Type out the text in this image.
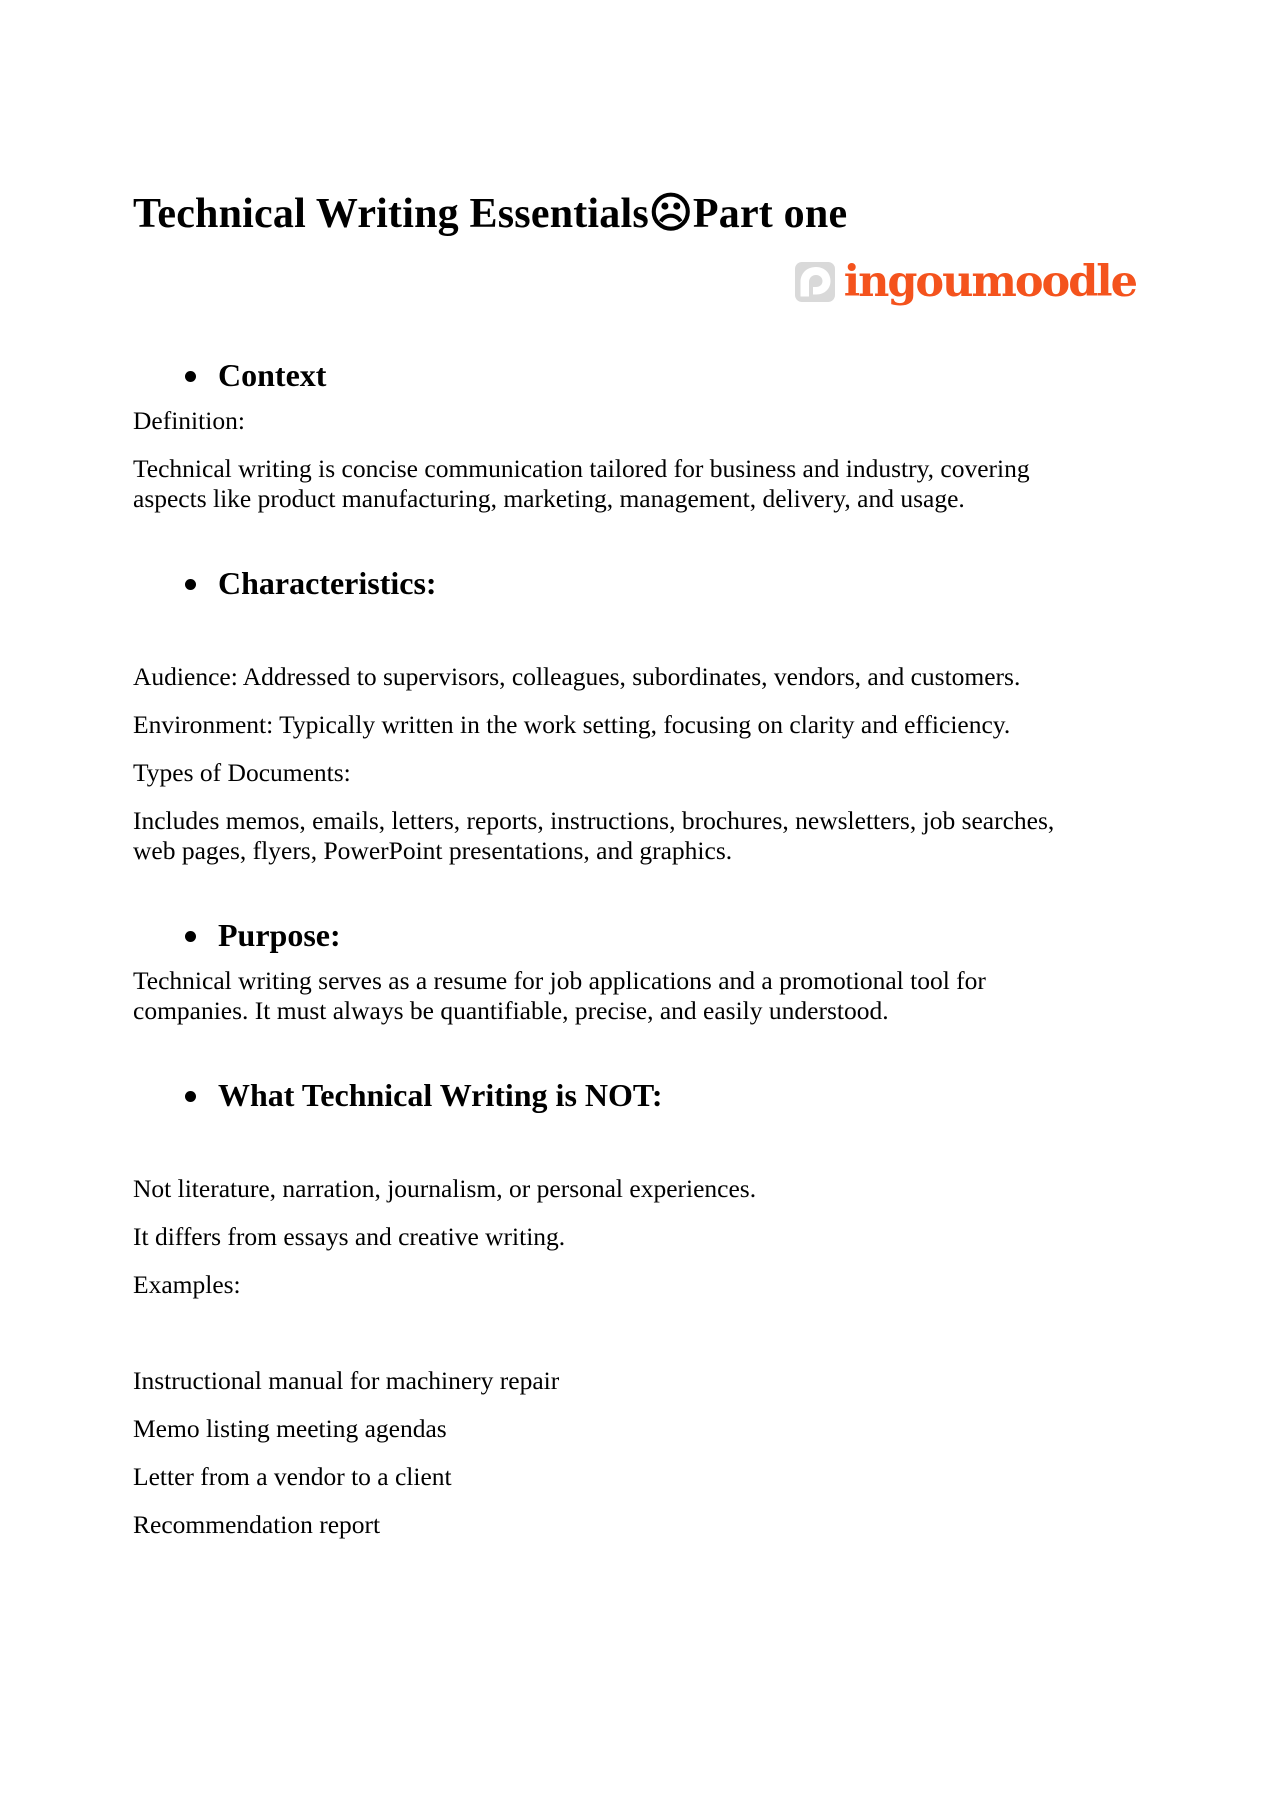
Technical Writing Essentials☹Part one
ingoumoodle
Context

Definition:

Technical writing is concise communication tailored for business and industry, covering aspects like product manufacturing, marketing, management, delivery, and usage.

Characteristics:

Audience: Addressed to supervisors, colleagues, subordinates, vendors, and customers.

Environment: Typically written in the work setting, focusing on clarity and efficiency.

Types of Documents:

Includes memos, emails, letters, reports, instructions, brochures, newsletters, job searches, web pages, flyers, PowerPoint presentations, and graphics.

Purpose:

Technical writing serves as a resume for job applications and a promotional tool for companies. It must always be quantifiable, precise, and easily understood.

What Technical Writing is NOT:

Not literature, narration, journalism, or personal experiences.

It differs from essays and creative writing.

Examples:

Instructional manual for machinery repair

Memo listing meeting agendas

Letter from a vendor to a client

Recommendation report
